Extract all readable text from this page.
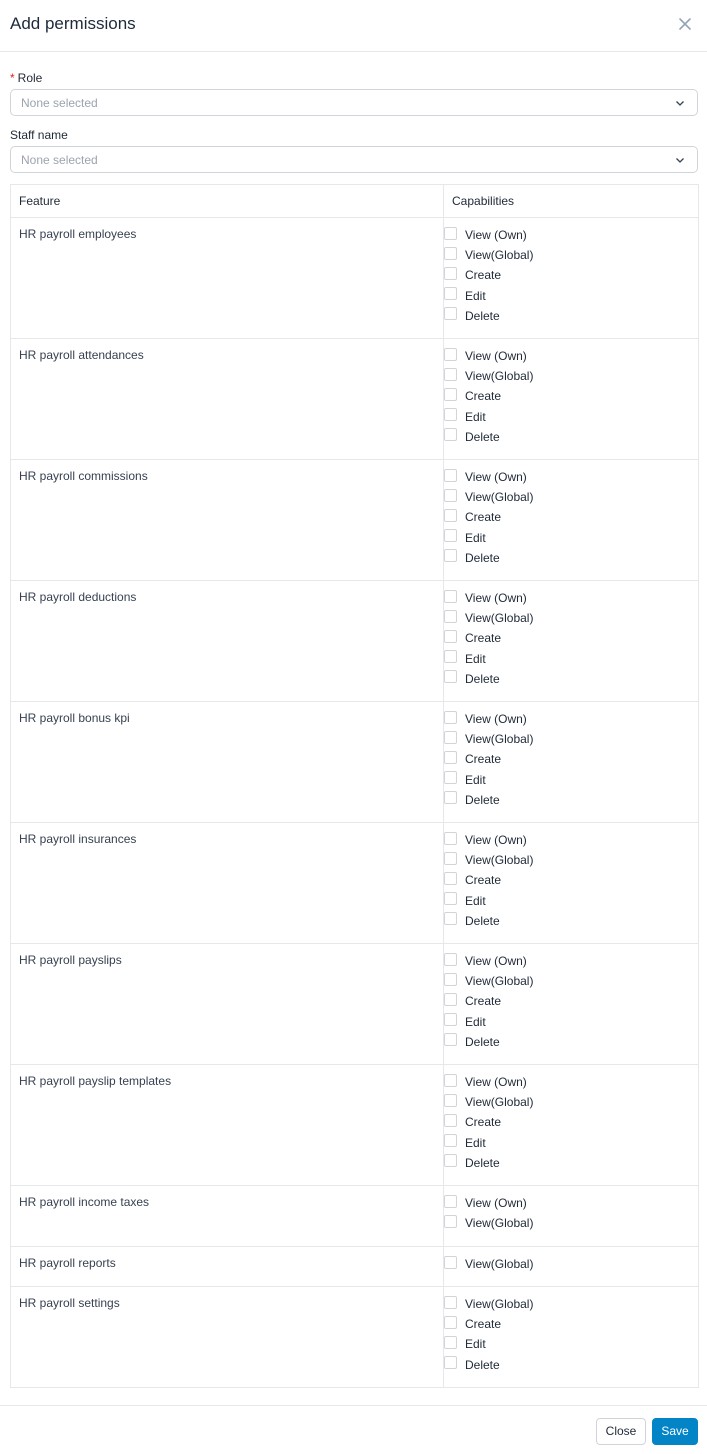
Add permissions
* Role
None selected
Staff name
None selected
Feature	Capabilities
HR payroll employees	View (Own)
View(Global)
Create
Edit
Delete

HR payroll attendances	View (Own)
View(Global)
Create
Edit
Delete

HR payroll commissions	View (Own)
View(Global)
Create
Edit
Delete

HR payroll deductions	View (Own)
View(Global)
Create
Edit
Delete

HR payroll bonus kpi	View (Own)
View(Global)
Create
Edit
Delete

HR payroll insurances	View (Own)
View(Global)
Create
Edit
Delete

HR payroll payslips	View (Own)
View(Global)
Create
Edit
Delete

HR payroll payslip templates	View (Own)
View(Global)
Create
Edit
Delete

HR payroll income taxes	View (Own)
View(Global)

HR payroll reports	View(Global)

HR payroll settings	View(Global)
Create
Edit
Delete
Close	Save
